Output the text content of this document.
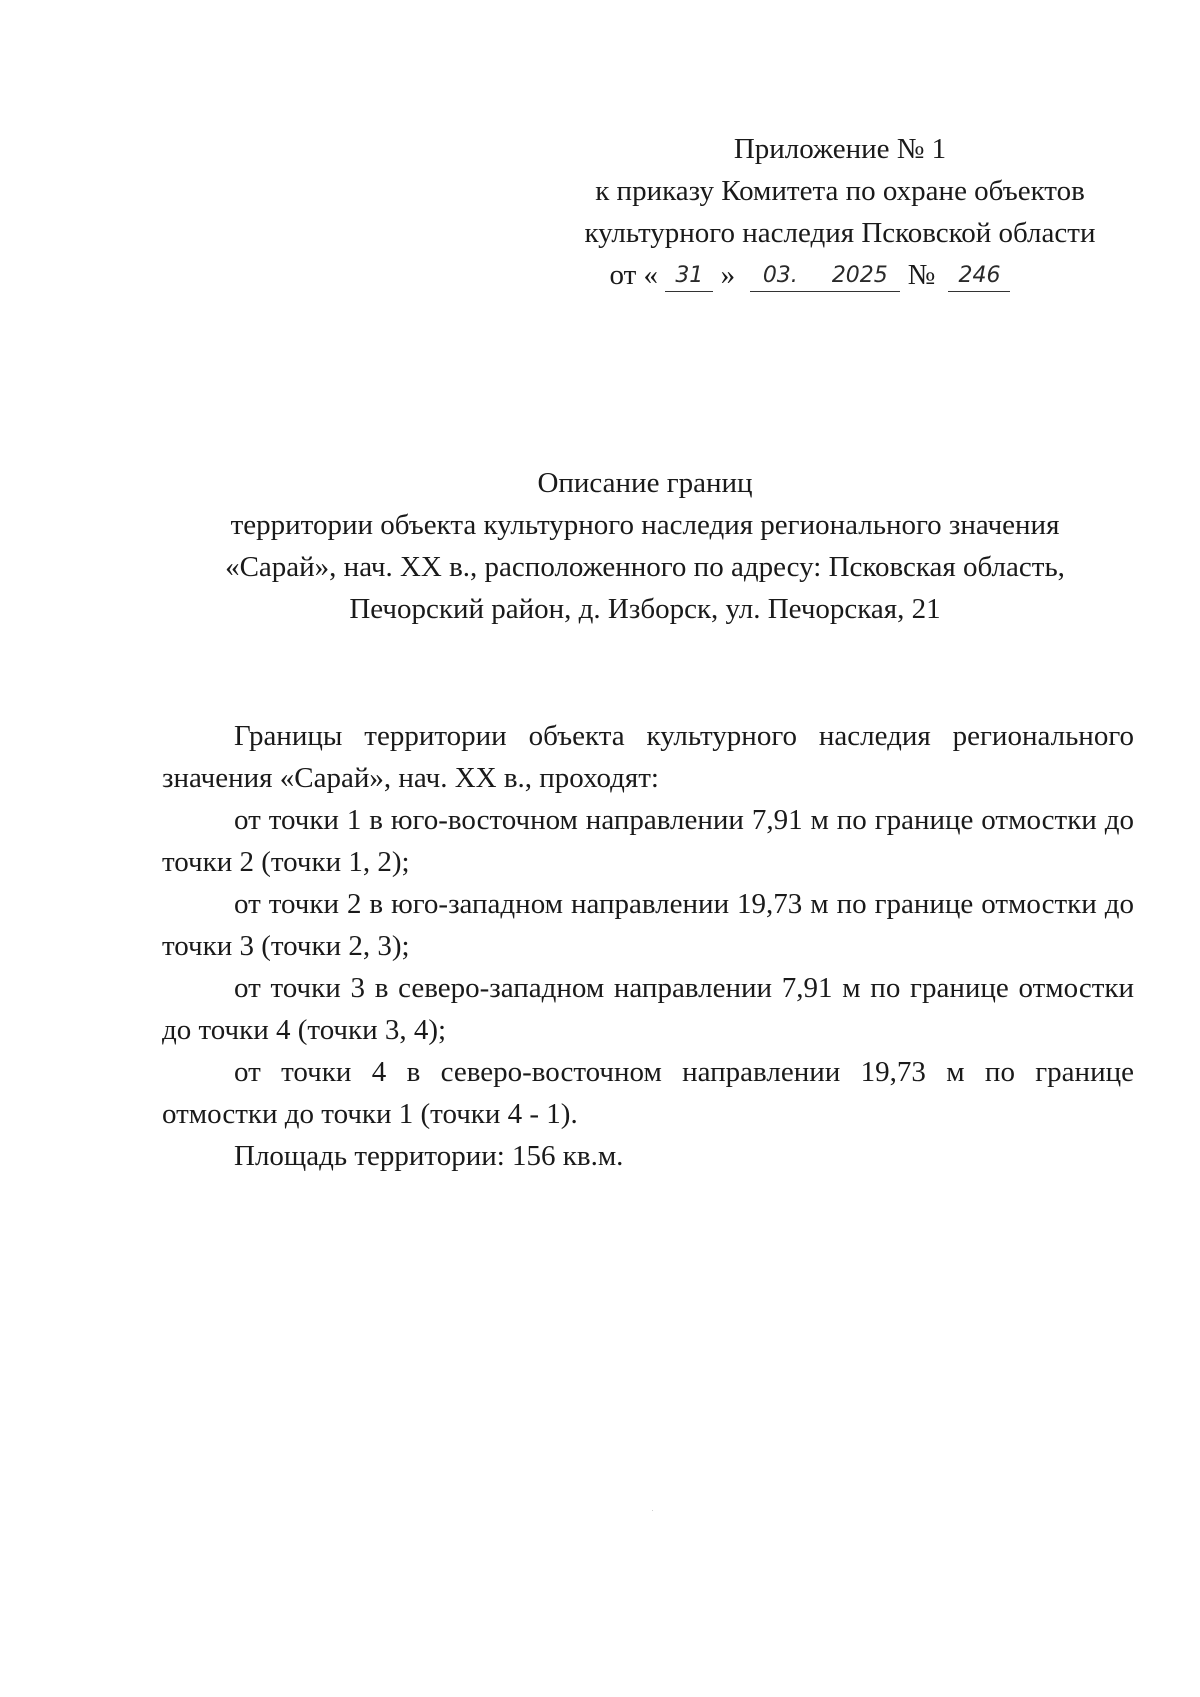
Приложение № 1
к приказу Комитета по охране объектов
культурного наследия Псковской области
от « 31 » 03. 2025 № 246
Описание границ
территории объекта культурного наследия регионального значения
«Сарай», нач. XX в., расположенного по адресу: Псковская область,
Печорский район, д. Изборск, ул. Печорская, 21

Границы территории объекта культурного наследия регионального значения «Сарай», нач. XX в., проходят:

от точки 1 в юго-восточном направлении 7,91 м по границе отмостки до точки 2 (точки 1, 2);

от точки 2 в юго-западном направлении 19,73 м по границе отмостки до точки 3 (точки 2, 3);

от точки 3 в северо-западном направлении 7,91 м по границе отмостки до точки 4 (точки 3, 4);

от точки 4 в северо-восточном направлении 19,73 м по границе отмостки до точки 1 (точки 4 - 1).

Площадь территории: 156 кв.м.
